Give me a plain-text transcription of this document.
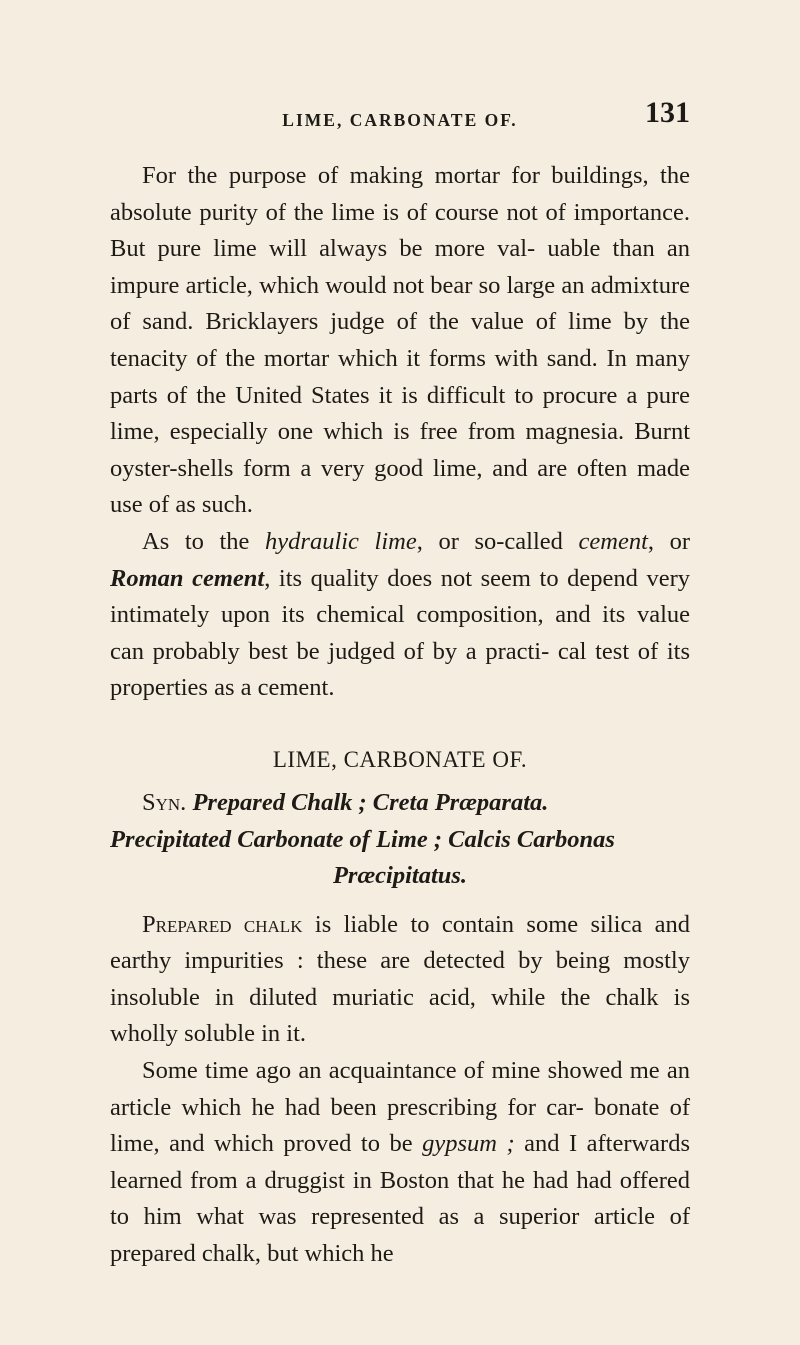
LIME, CARBONATE OF.	131

For the purpose of making mortar for buildings, the absolute purity of the lime is of course not of importance. But pure lime will always be more val- uable than an impure article, which would not bear so large an admixture of sand. Bricklayers judge of the value of lime by the tenacity of the mortar which it forms with sand. In many parts of the United States it is difficult to procure a pure lime, especially one which is free from magnesia. Burnt oyster-shells form a very good lime, and are often made use of as such.

As to the hydraulic lime, or so-called cement, or Roman cement, its quality does not seem to depend very intimately upon its chemical composition, and its value can probably best be judged of by a practi- cal test of its properties as a cement.

LIME, CARBONATE OF.

Syn. Prepared Chalk ; Creta Præparata.

Precipitated Carbonate of Lime ; Calcis Carbonas

Præcipitatus.

Prepared chalk is liable to contain some silica and earthy impurities : these are detected by being mostly insoluble in diluted muriatic acid, while the chalk is wholly soluble in it.

Some time ago an acquaintance of mine showed me an article which he had been prescribing for car- bonate of lime, and which proved to be gypsum ; and I afterwards learned from a druggist in Boston that he had had offered to him what was represented as a superior article of prepared chalk, but which he
